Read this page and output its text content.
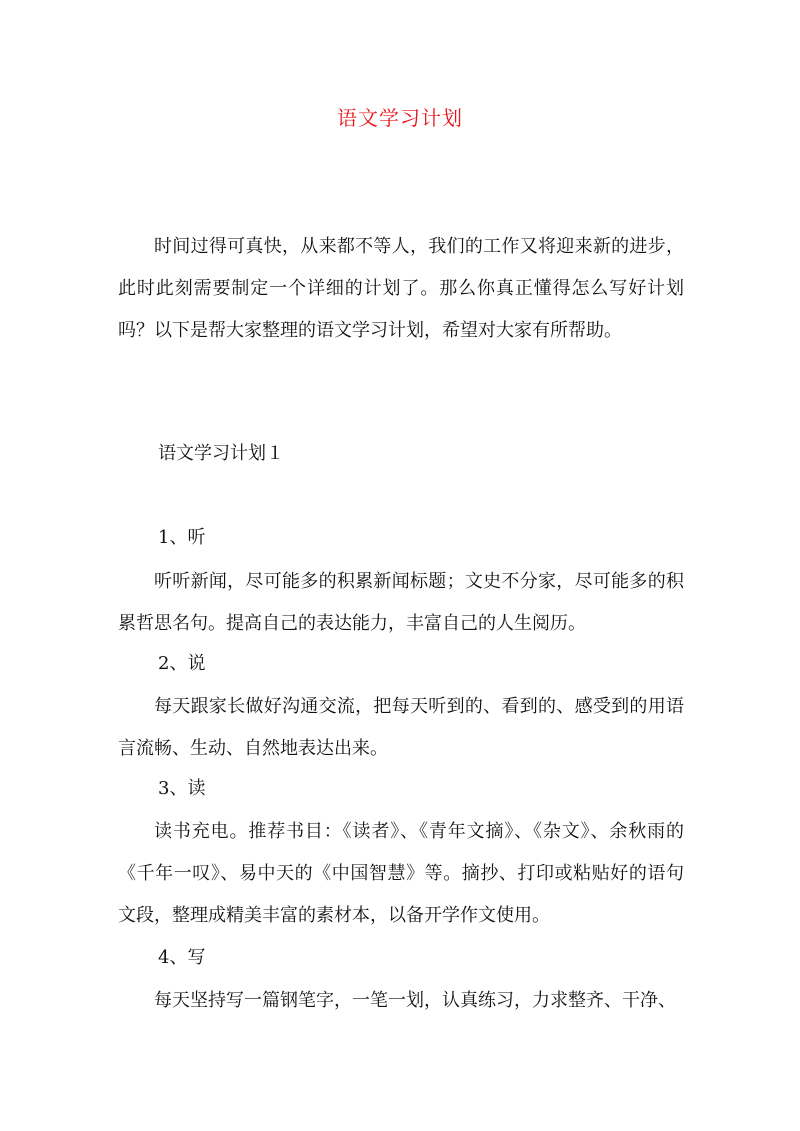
语文学习计划

时间过得可真快，从来都不等人，我们的工作又将迎来新的进步，此时此刻需要制定一个详细的计划了。那么你真正懂得怎么写好计划吗？以下是帮大家整理的语文学习计划，希望对大家有所帮助。

语文学习计划１

1、听

听听新闻，尽可能多的积累新闻标题；文史不分家，尽可能多的积累哲思名句。提高自己的表达能力，丰富自己的人生阅历。

2、说

每天跟家长做好沟通交流，把每天听到的、看到的、感受到的用语言流畅、生动、自然地表达出来。

3、读

读书充电。推荐书目：《读者》、《青年文摘》、《杂文》、余秋雨的《千年一叹》、易中天的《中国智慧》等。摘抄、打印或粘贴好的语句文段，整理成精美丰富的素材本，以备开学作文使用。

4、写

每天坚持写一篇钢笔字，一笔一划，认真练习，力求整齐、干净、
